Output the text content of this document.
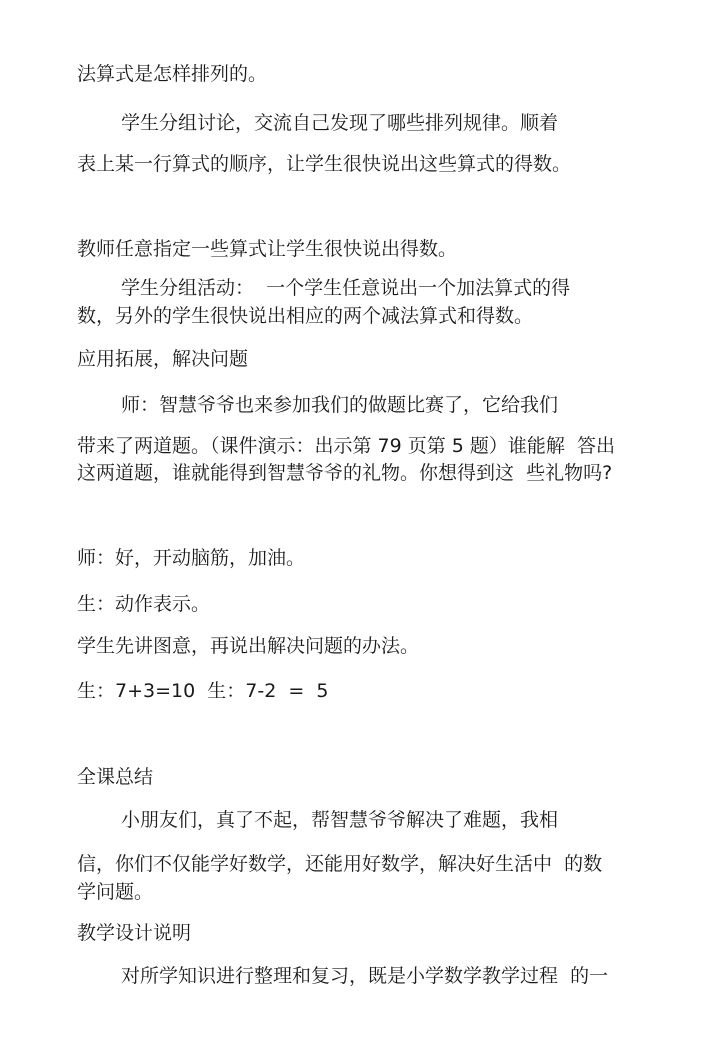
法算式是怎样排列的。
学生分组讨论，交流自己发现了哪些排列规律。顺着
表上某一行算式的顺序，让学生很快说出这些算式的得数。
教师任意指定一些算式让学生很快说出得数。
学生分组活动：  一个学生任意说出一个加法算式的得
数，另外的学生很快说出相应的两个减法算式和得数。
应用拓展，解决问题
师：智慧爷爷也来参加我们的做题比赛了，它给我们
带来了两道题。（课件演示：出示第 79 页第 5 题）谁能解  答出
这两道题，谁就能得到智慧爷爷的礼物。你想得到这  些礼物吗?
师：好，开动脑筋，加油。
生：动作表示。
学生先讲图意，再说出解决问题的办法。
生：7+3=10  生：7-2  =  5
全课总结
小朋友们，真了不起，帮智慧爷爷解决了难题，我相
信，你们不仅能学好数学，还能用好数学，解决好生活中  的数
学问题。
教学设计说明
对所学知识进行整理和复习，既是小学数学教学过程  的一
